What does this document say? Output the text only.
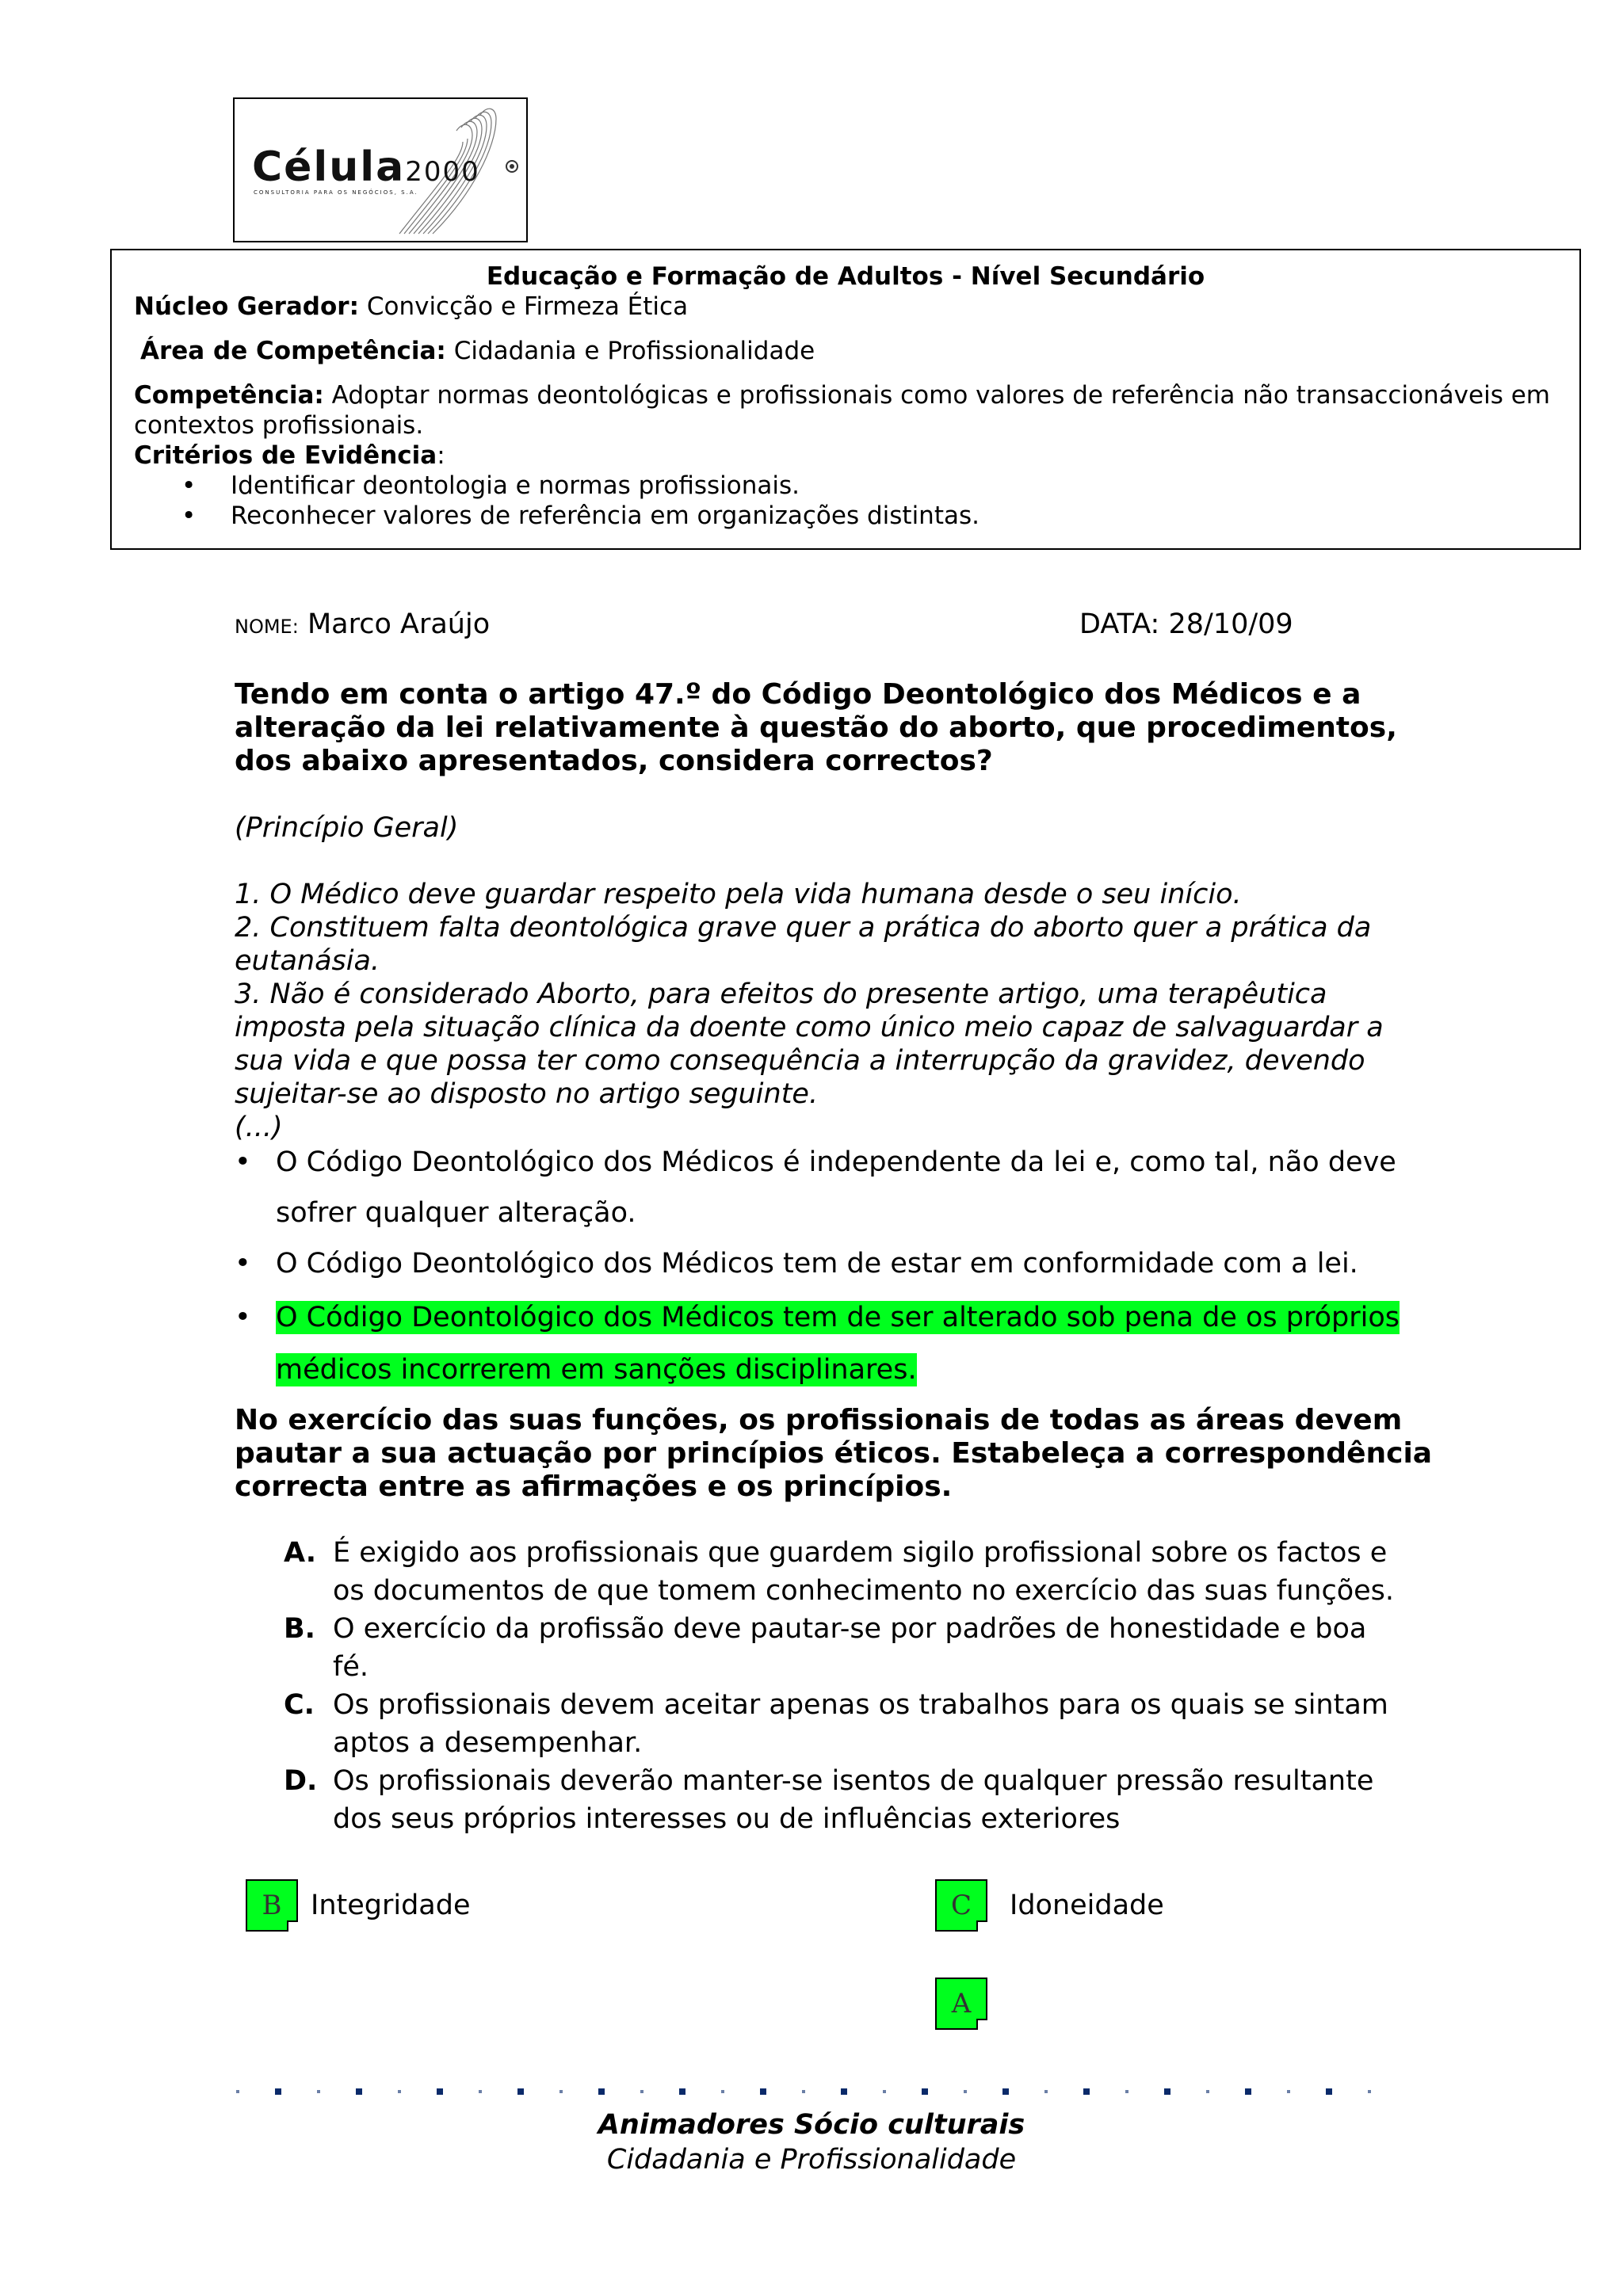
Célula2000
CONSULTORIA PARA OS NEGÓCIOS, S.A.
Educação e Formação de Adultos - Nível Secundário
Núcleo Gerador: Convicção e Firmeza Ética
Área de Competência: Cidadania e Profissionalidade
Competência: Adoptar normas deontológicas e profissionais como valores de referência não transaccionáveis em
contextos profissionais.
Critérios de Evidência:
• Identificar deontologia e normas profissionais.
• Reconhecer valores de referência em organizações distintas.
NOME: Marco Araújo	DATA: 28/10/09
Tendo em conta o artigo 47.º do Código Deontológico dos Médicos e a
alteração da lei relativamente à questão do aborto, que procedimentos,
dos abaixo apresentados, considera correctos?
(Princípio Geral)
1. O Médico deve guardar respeito pela vida humana desde o seu início.
2. Constituem falta deontológica grave quer a prática do aborto quer a prática da
eutanásia.
3. Não é considerado Aborto, para efeitos do presente artigo, uma terapêutica
imposta pela situação clínica da doente como único meio capaz de salvaguardar a
sua vida e que possa ter como consequência a interrupção da gravidez, devendo
sujeitar-se ao disposto no artigo seguinte.
(...)
• O Código Deontológico dos Médicos é independente da lei e, como tal, não deve
sofrer qualquer alteração.
• O Código Deontológico dos Médicos tem de estar em conformidade com a lei.
• O Código Deontológico dos Médicos tem de ser alterado sob pena de os próprios
médicos incorrerem em sanções disciplinares.
No exercício das suas funções, os profissionais de todas as áreas devem
pautar a sua actuação por princípios éticos. Estabeleça a correspondência
correcta entre as afirmações e os princípios.
A. É exigido aos profissionais que guardem sigilo profissional sobre os factos e
os documentos de que tomem conhecimento no exercício das suas funções.
B. O exercício da profissão deve pautar-se por padrões de honestidade e boa
fé.
C. Os profissionais devem aceitar apenas os trabalhos para os quais se sintam
aptos a desempenhar.
D. Os profissionais deverão manter-se isentos de qualquer pressão resultante
dos seus próprios interesses ou de influências exteriores
B	Integridade	C	Idoneidade
A
Animadores Sócio culturais
Cidadania e Profissionalidade
